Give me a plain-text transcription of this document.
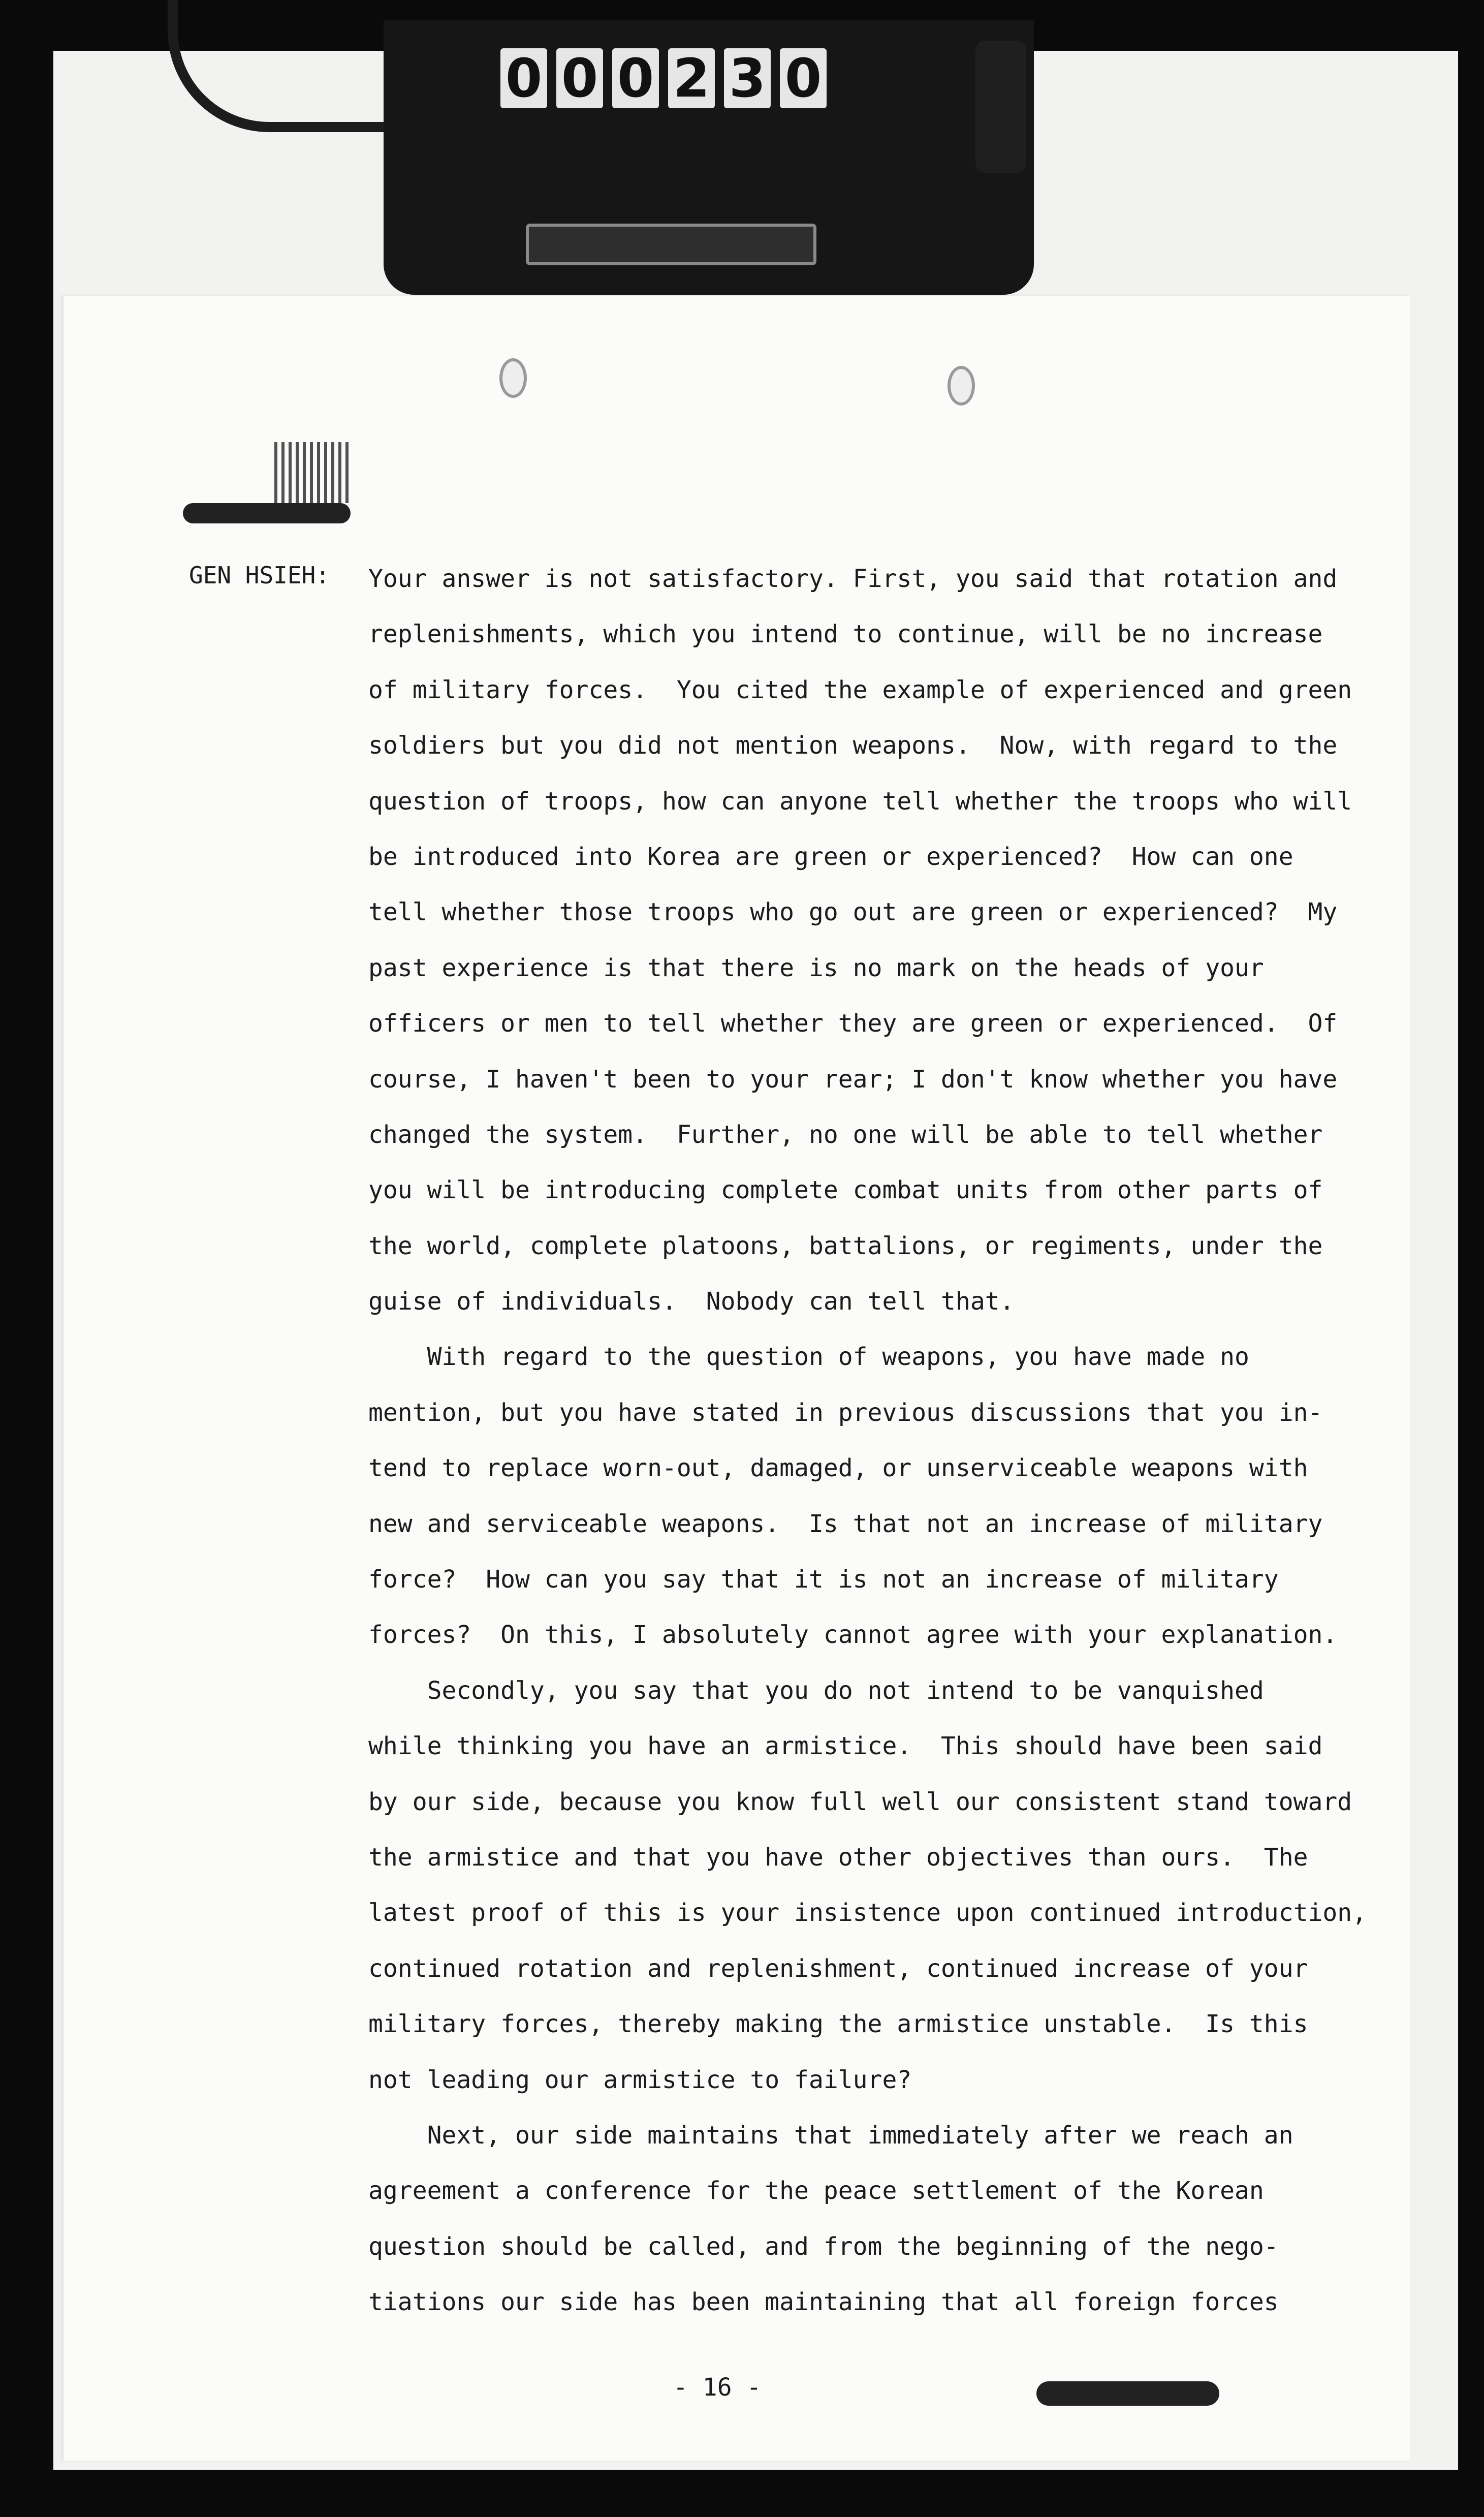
0 0 0 2 3 0
GEN HSIEH: Your answer is not satisfactory. First, you said that rotation and
replenishments, which you intend to continue, will be no increase
of military forces.  You cited the example of experienced and green
soldiers but you did not mention weapons.  Now, with regard to the
question of troops, how can anyone tell whether the troops who will
be introduced into Korea are green or experienced?  How can one
tell whether those troops who go out are green or experienced?  My
past experience is that there is no mark on the heads of your
officers or men to tell whether they are green or experienced.  Of
course, I haven't been to your rear; I don't know whether you have
changed the system.  Further, no one will be able to tell whether
you will be introducing complete combat units from other parts of
the world, complete platoons, battalions, or regiments, under the
guise of individuals.  Nobody can tell that.
With regard to the question of weapons, you have made no
mention, but you have stated in previous discussions that you in-
tend to replace worn-out, damaged, or unserviceable weapons with
new and serviceable weapons.  Is that not an increase of military
force?  How can you say that it is not an increase of military
forces?  On this, I absolutely cannot agree with your explanation.
Secondly, you say that you do not intend to be vanquished
while thinking you have an armistice.  This should have been said
by our side, because you know full well our consistent stand toward
the armistice and that you have other objectives than ours.  The
latest proof of this is your insistence upon continued introduction,
continued rotation and replenishment, continued increase of your
military forces, thereby making the armistice unstable.  Is this
not leading our armistice to failure?
Next, our side maintains that immediately after we reach an
agreement a conference for the peace settlement of the Korean
question should be called, and from the beginning of the nego-
tiations our side has been maintaining that all foreign forces
- 16 -
